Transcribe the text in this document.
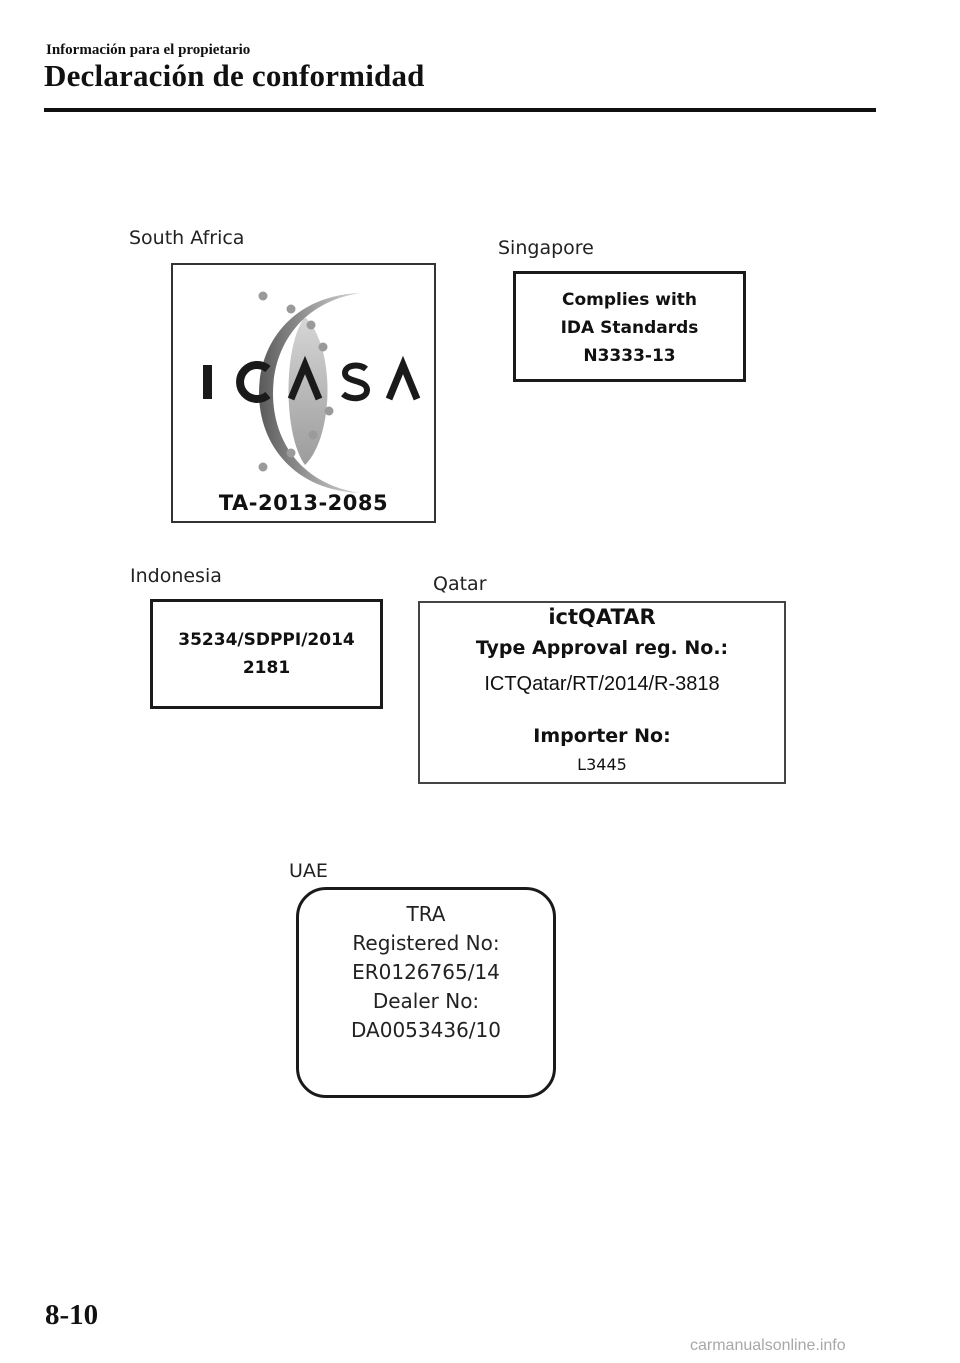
Información para el propietario
Declaración de conformidad
South Africa
TA-2013-2085
Singapore
Complies with
IDA Standards
N3333-13
Indonesia
35234/SDPPI/2014
2181
Qatar
ictQATAR
Type Approval reg. No.:
ICTQatar/RT/2014/R-3818
Importer No:
L3445
UAE
TRA
Registered No:
ER0126765/14
Dealer No:
DA0053436/10
8-10
carmanualsonline.info
